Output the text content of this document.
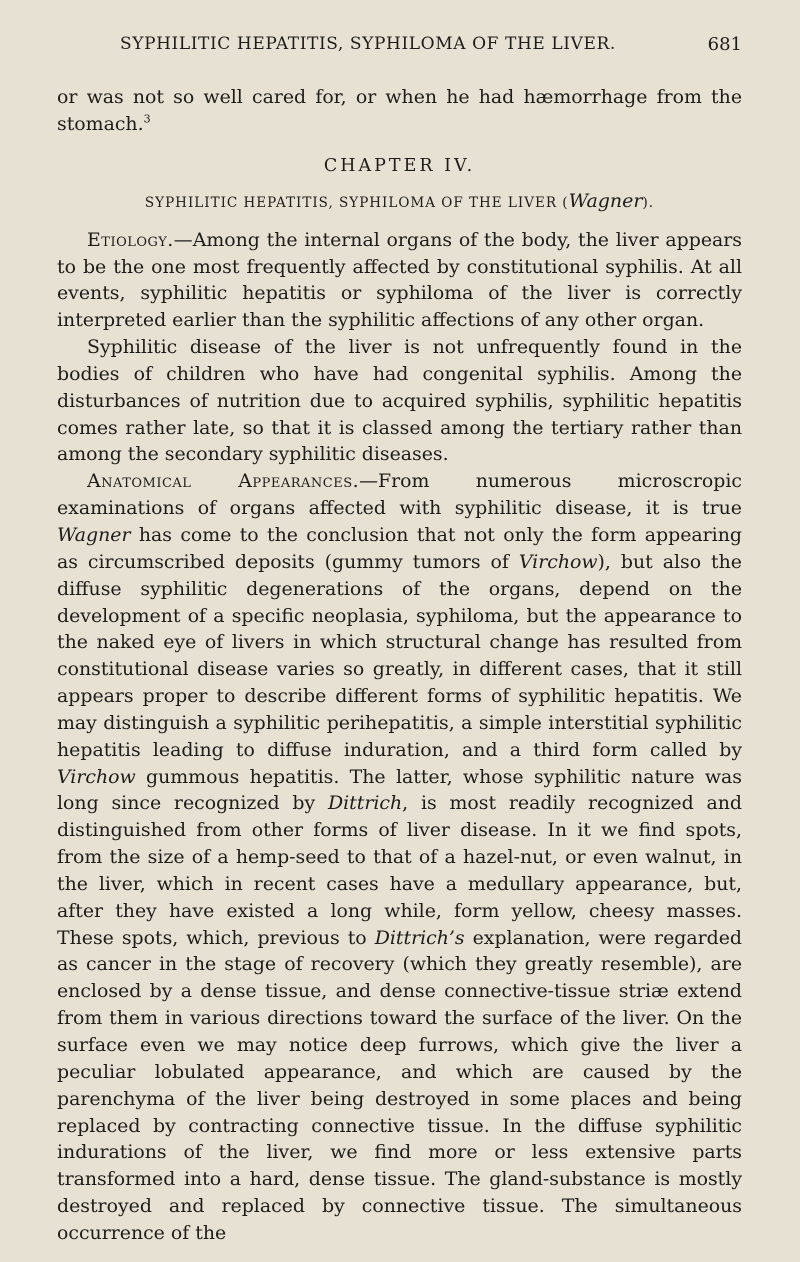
SYPHILITIC HEPATITIS, SYPHILOMA OF THE LIVER.	681

or was not so well cared for, or when he had hæmorrhage from the stomach.$^3$

CHAPTER IV.

SYPHILITIC HEPATITIS, SYPHILOMA OF THE LIVER (Wagner).

Etiology.—Among the internal organs of the body, the liver appears to be the one most frequently affected by constitutional syphilis. At all events, syphilitic hepatitis or syphiloma of the liver is correctly interpreted earlier than the syphilitic affections of any other organ.

Syphilitic disease of the liver is not unfrequently found in the bodies of children who have had congenital syphilis. Among the disturbances of nutrition due to acquired syphilis, syphilitic hepatitis comes rather late, so that it is classed among the tertiary rather than among the secondary syphilitic diseases.

Anatomical Appearances.—From numerous microscropic examinations of organs affected with syphilitic disease, it is true Wagner has come to the conclusion that not only the form appearing as circumscribed deposits (gummy tumors of Virchow), but also the diffuse syphilitic degenerations of the organs, depend on the development of a specific neoplasia, syphiloma, but the appearance to the naked eye of livers in which structural change has resulted from constitutional disease varies so greatly, in different cases, that it still appears proper to describe different forms of syphilitic hepatitis. We may distinguish a syphilitic perihepatitis, a simple interstitial syphilitic hepatitis leading to diffuse induration, and a third form called by Virchow gummous hepatitis. The latter, whose syphilitic nature was long since recognized by Dittrich, is most readily recognized and distinguished from other forms of liver disease. In it we find spots, from the size of a hemp-seed to that of a hazel-nut, or even walnut, in the liver, which in recent cases have a medullary appearance, but, after they have existed a long while, form yellow, cheesy masses. These spots, which, previous to Dittrich’s explanation, were regarded as cancer in the stage of recovery (which they greatly resemble), are enclosed by a dense tissue, and dense connective-tissue striæ extend from them in various directions toward the surface of the liver. On the surface even we may notice deep furrows, which give the liver a peculiar lobulated appearance, and which are caused by the parenchyma of the liver being destroyed in some places and being replaced by contracting connective tissue. In the diffuse syphilitic indurations of the liver, we find more or less extensive parts transformed into a hard, dense tissue. The gland-substance is mostly destroyed and replaced by connective tissue. The simultaneous occurrence of the
